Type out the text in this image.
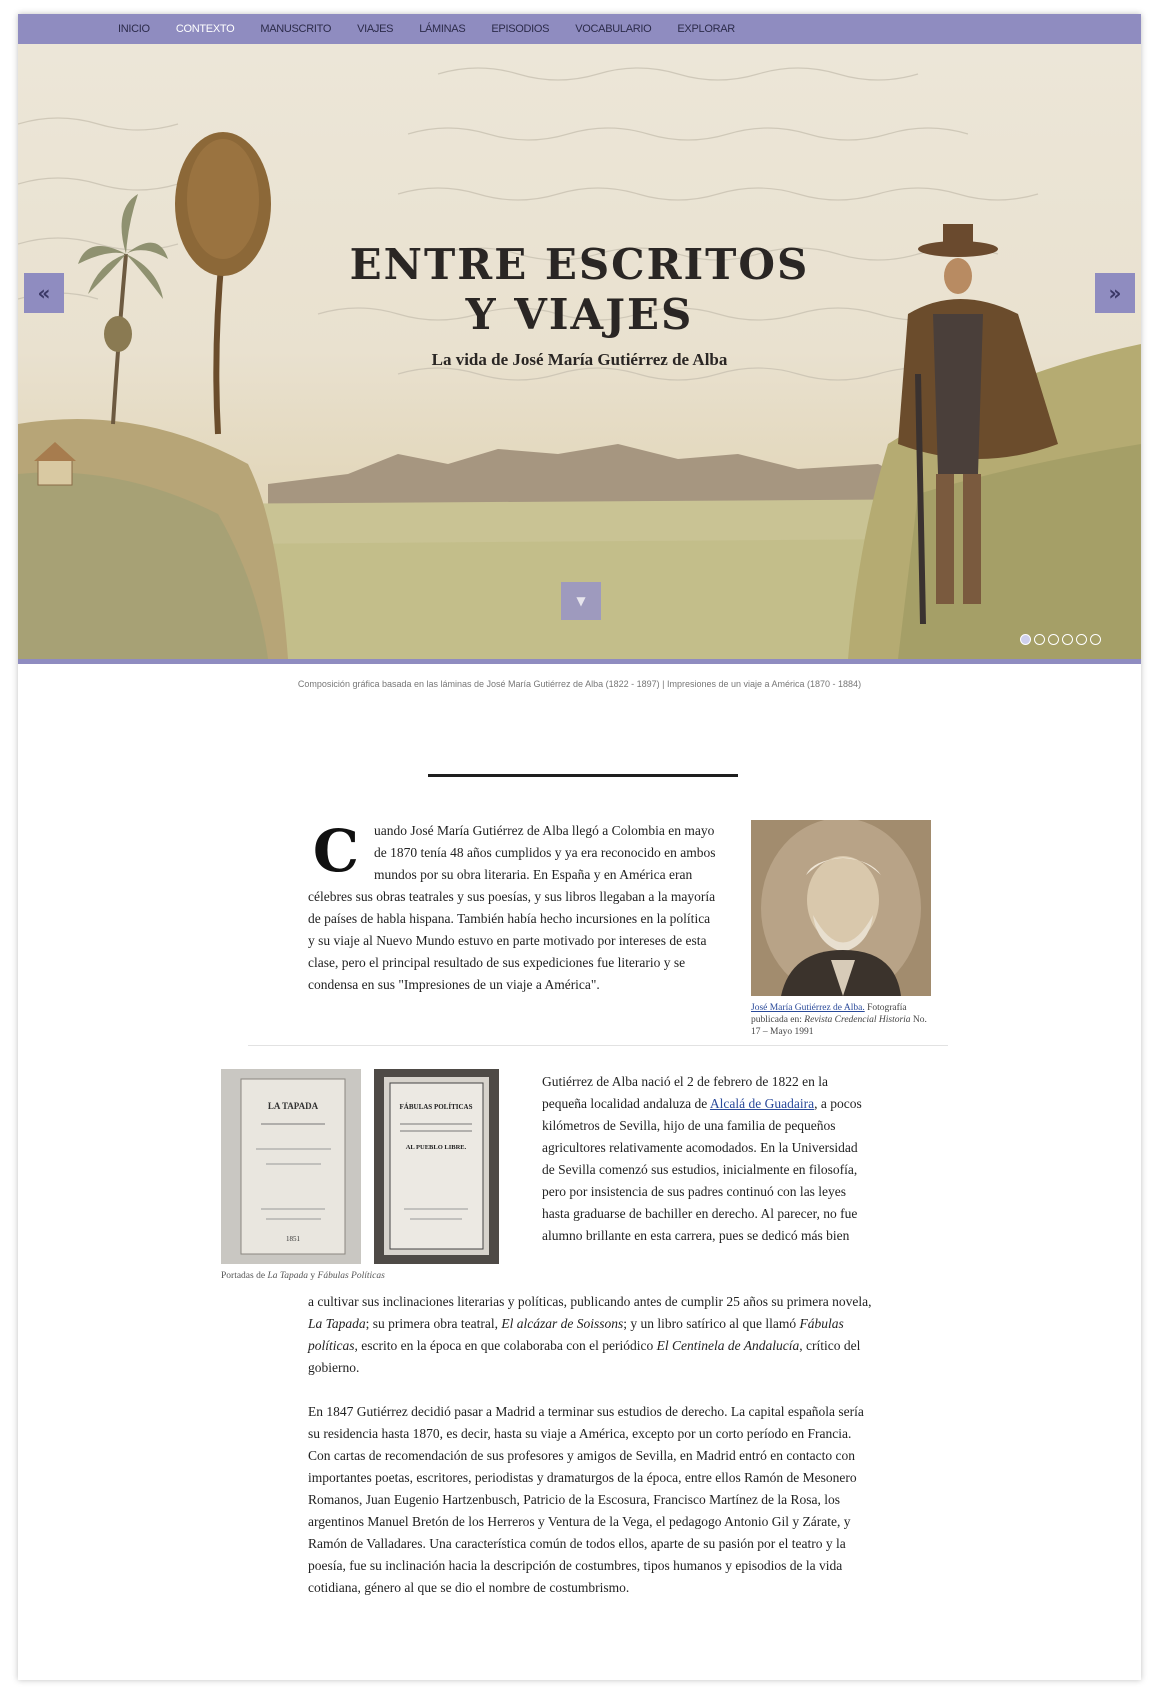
INICIO CONTEXTO MANUSCRITO VIAJES LÁMINAS EPISODIOS VOCABULARIO EXPLORAR
ENTRE ESCRITOS
Y VIAJES
La vida de José María Gutiérrez de Alba
«	»
▼
Composición gráfica basada en las láminas de José María Gutiérrez de Alba (1822 - 1897) | Impresiones de un viaje a América (1870 - 1884)
C	uando José María Gutiérrez de Alba llegó a Colombia en mayo de 1870 tenía 48 años cumplidos y ya era reconocido en ambos mundos por su obra literaria. En España y en América eran célebres sus obras teatrales y sus poesías, y sus libros llegaban a la mayoría de países de habla hispana. También había hecho incursiones en la política y su viaje al Nuevo Mundo estuvo en parte motivado por intereses de esta clase, pero el principal resultado de sus expediciones fue literario y se condensa en sus "Impresiones de un viaje a América".
José María Gutiérrez de Alba. Fotografía publicada en: Revista Credencial Historia No. 17 – Mayo 1991
LA TAPADA
1851
FÁBULAS POLÍTICAS
AL PUEBLO LIBRE.
Portadas de La Tapada y Fábulas Políticas
Gutiérrez de Alba nació el 2 de febrero de 1822 en la pequeña localidad andaluza de Alcalá de Guadaira, a pocos kilómetros de Sevilla, hijo de una familia de pequeños agricultores relativamente acomodados. En la Universidad de Sevilla comenzó sus estudios, inicialmente en filosofía, pero por insistencia de sus padres continuó con las leyes hasta graduarse de bachiller en derecho. Al parecer, no fue alumno brillante en esta carrera, pues se dedicó más bien
a cultivar sus inclinaciones literarias y políticas, publicando antes de cumplir 25 años su primera novela, La Tapada; su primera obra teatral, El alcázar de Soissons; y un libro satírico al que llamó Fábulas políticas, escrito en la época en que colaboraba con el periódico El Centinela de Andalucía, crítico del gobierno.
En 1847 Gutiérrez decidió pasar a Madrid a terminar sus estudios de derecho. La capital española sería su residencia hasta 1870, es decir, hasta su viaje a América, excepto por un corto período en Francia. Con cartas de recomendación de sus profesores y amigos de Sevilla, en Madrid entró en contacto con importantes poetas, escritores, periodistas y dramaturgos de la época, entre ellos Ramón de Mesonero Romanos, Juan Eugenio Hartzenbusch, Patricio de la Escosura, Francisco Martínez de la Rosa, los argentinos Manuel Bretón de los Herreros y Ventura de la Vega, el pedagogo Antonio Gil y Zárate, y Ramón de Valladares. Una característica común de todos ellos, aparte de su pasión por el teatro y la poesía, fue su inclinación hacia la descripción de costumbres, tipos humanos y episodios de la vida cotidiana, género al que se dio el nombre de costumbrismo.
